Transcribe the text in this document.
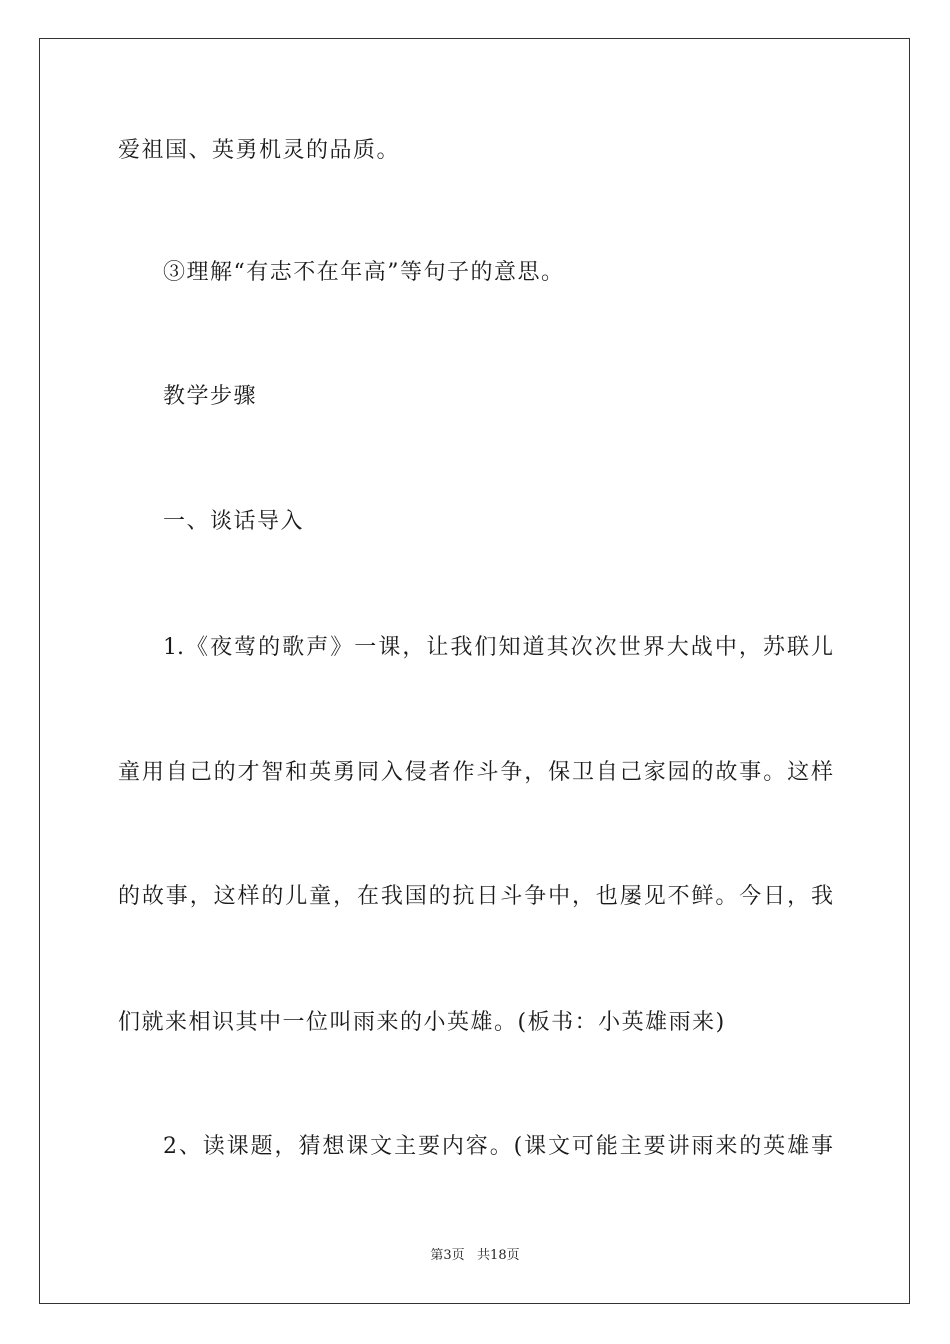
爱祖国、英勇机灵的品质。
③理解“有志不在年高”等句子的意思。
教学步骤
一、谈话导入
1.《夜莺的歌声》一课，让我们知道其次次世界大战中，苏联儿
童用自己的才智和英勇同入侵者作斗争，保卫自己家园的故事。这样
的故事，这样的儿童，在我国的抗日斗争中，也屡见不鲜。今日，我
们就来相识其中一位叫雨来的小英雄。(板书：小英雄雨来)
2、读课题，猜想课文主要内容。(课文可能主要讲雨来的英雄事
第3页   共18页
